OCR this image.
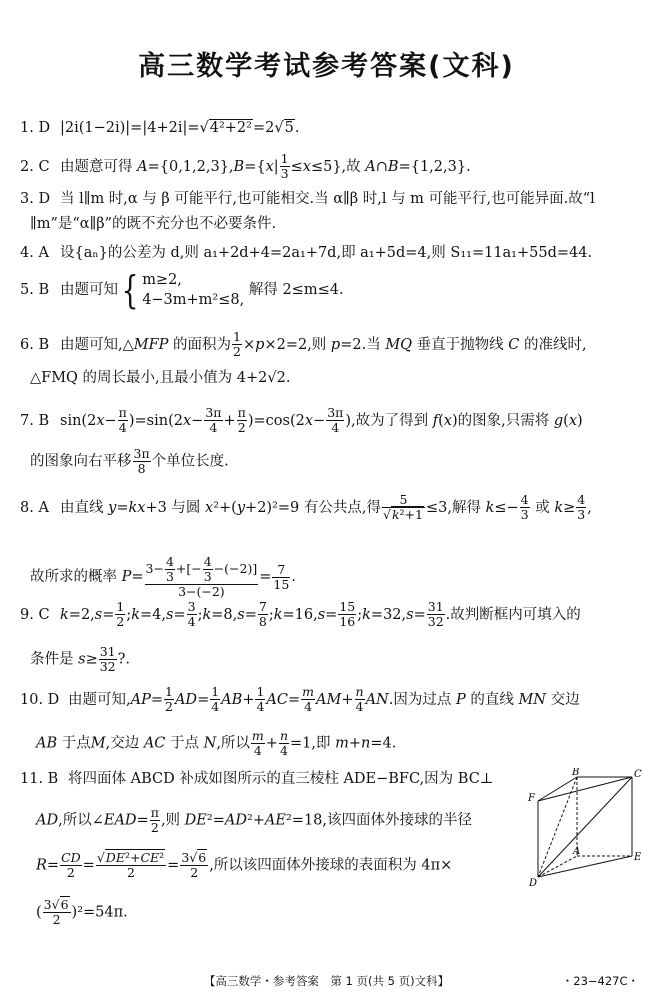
高三数学考试参考答案(文科)
1. D |2i(1−2i)|=|4+2i|=√4²+2²=2√5.
2. C 由题意可得 $A=\{0,1,2,3\},B=\{x| \frac{1}{3} \le x\le 5\}$,故 A∩B={1,2,3}.
3. D 当 l∥m 时,α 与 β 可能平行,也可能相交.当 α∥β 时,l 与 m 可能平行,也可能异面.故“l
∥m”是“α∥β”的既不充分也不必要条件.
4. A 设{aₙ}的公差为 d,则 a₁+2d+4=2a₁+7d,即 a₁+5d=4,则 S₁₁=11a₁+55d=44.
5. B 由题可知{ m≥2,
4−3m+m²≤8,
解得 2≤m≤4.
6. B 由题可知,△MFP 的面积为 $\frac{1}{2} \times p\times 2=2$,则 p=2.当 MQ 垂直于抛物线 C 的准线时,
△FMQ 的周长最小,且最小值为 4+2√2.
7. B $\sin(2x- \frac{\pi}{4} )=\sin(2x- \frac{3\pi}{4} + \frac{\pi}{2} )=\cos(2x- \frac{3\pi}{4}$ ),故为了得到 f(x)的图象,只需将 g(x)
的图象向右平移 $\frac{3\pi}{8}$ 个单位长度.
8. A 由直线 y=kx+3 与圆 x²+(y+2)²=9 有公共点,得 $\frac{5}{\text{√k²+1}} \le 3$,解得 $k\le- \frac{4}{3}$ 或 $k\ge \frac{4}{3}$ ,
故所求的概率 $P= \frac{3- \frac{4}{3} +[- \frac{4}{3} -(-2)]}{3-(-2)} = \frac{7}{15}$ .
9. C $k=2,s= \frac{1}{2}$ ;k=4,s= $\frac{3}{4}$ ;k=8,s= $\frac{7}{8}$ ;k=16,s= $\frac{15}{16}$ ;k=32,s= $\frac{31}{32}$ .故判断框内可填入的
条件是 $s\ge \frac{31}{32}$ ?.
10. D 由题可知$,AP= \frac{1}{2} AD= \frac{1}{4} AB+ \frac{1}{4} AC= \frac{m}{4} AM+ \frac{n}{4}$ AN.因为过点 P 的直线 MN 交边
AB 于点M,交边 AC 于点 N,所以 $\frac{m}{4} + \frac{n}{4} =1$,即 m+n=4.
11. B 将四面体 ABCD 补成如图所示的直三棱柱 ADE−BFC,因为 BC⊥
AD,所以∠EAD= $\frac{\pi}{2}$ ,则 DE²=AD²+AE²=18,该四面体外接球的半径
$R= \frac{CD}{2} = \frac{\text{√DE²+CE²}}{2} = \frac{3√6}{2}$ ,所以该四面体外接球的表面积为 4π×
( $\frac{3√6}{2} )^2=54\pi$.
B	C
F
A
E
D
【高三数学・参考答案　第 1 页(共 5 页)文科】	・23−427C・
